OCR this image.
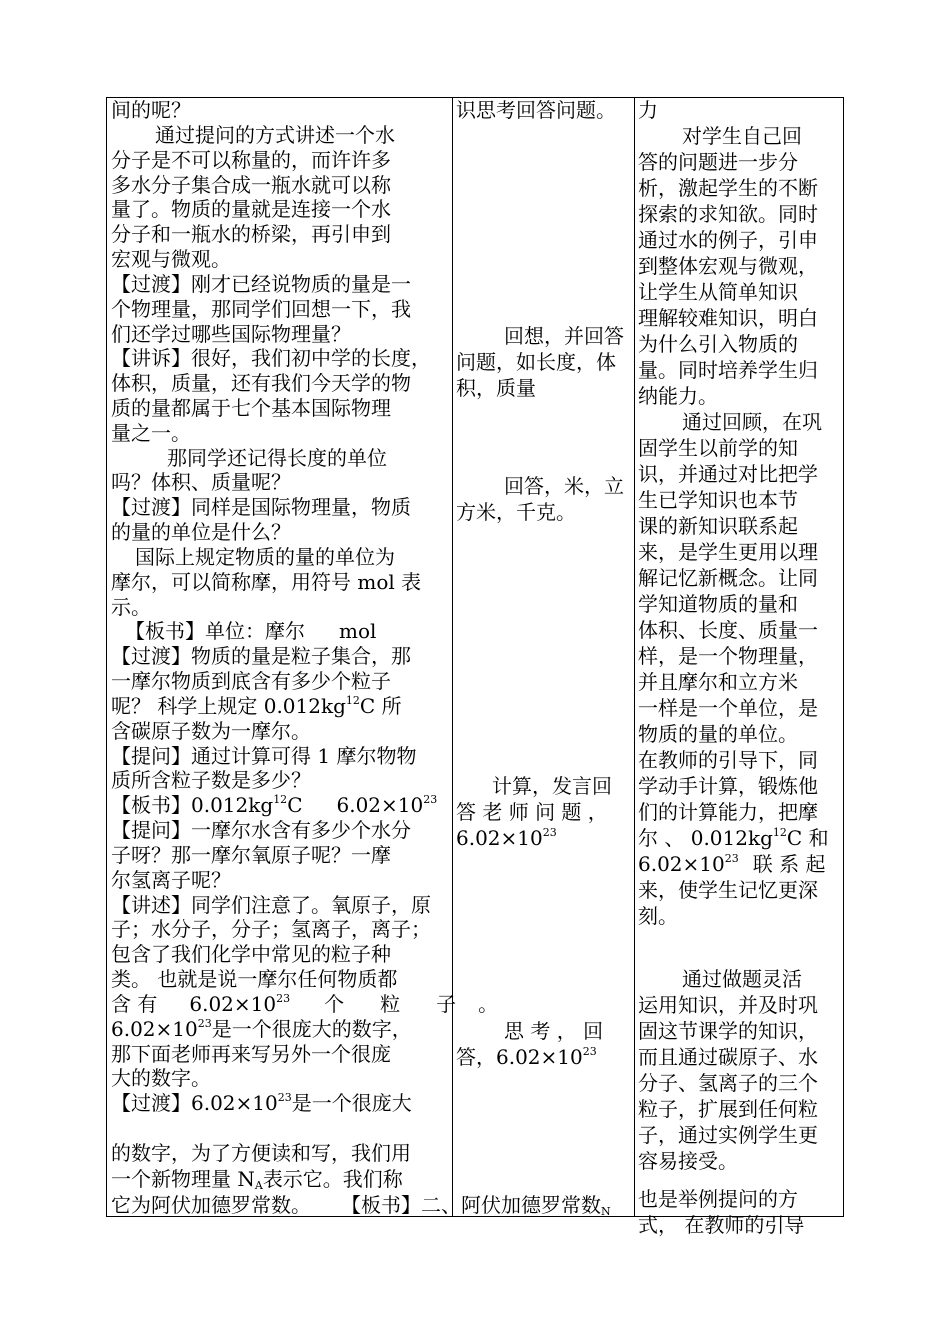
间的呢？
通过提问的方式讲述一个水
分子是不可以称量的，而许许多
多水分子集合成一瓶水就可以称
量了。物质的量就是连接一个水
分子和一瓶水的桥梁，再引申到
宏观与微观。
【过渡】刚才已经说物质的量是一
个物理量，那同学们回想一下，我
们还学过哪些国际物理量？
【讲诉】很好，我们初中学的长度，
体积，质量，还有我们今天学的物
质的量都属于七个基本国际物理
量之一。
那同学还记得长度的单位
吗？体积、质量呢？
【过渡】同样是国际物理量，物质
的量的单位是什么？
国际上规定物质的量的单位为
摩尔，可以简称摩，用符号 mol 表
示。
【板书】单位：摩尔 mol
【过渡】物质的量是粒子集合，那
一摩尔物质到底含有多少个粒子
呢？ 科学上规定 $0.012kg^{12}C$ 所
含碳原子数为一摩尔。
【提问】通过计算可得 1 摩尔物物
质所含粒子数是多少？
【板书】$0.012kg^{12}C$ $6.02\times 10^{23}$
【提问】一摩尔水含有多少个水分
子呀？那一摩尔氧原子呢？一摩
尔氢离子呢？
【讲述】同学们注意了。氧原子，原
子；水分子，分子；氢离子，离子；
包含了我们化学中常见的粒子种
类。 也就是说一摩尔任何物质都
含 有 $6.02\times 10^{23}$ 个 粒 子 。
$6.02\times 10^{23}$是一个很庞大的数字，
那下面老师再来写另外一个很庞
大的数字。
【过渡】$6.02\times 10^{23}$是一个很庞大
的数字，为了方便读和写，我们用
一个新物理量 $N_A$表示它。我们称
它为阿伏加德罗常数。 【板书】二、阿伏加德罗常数$_N$
识思考回答问题。
回想，并回答
问题，如长度，体
积，质量
回答，米，立
方米，千克。
计算，发言回
答 老 师 问 题 ，
$6.02\times 10^{23}$
思 考 ， 回
答，$6.02\times 10^{23}$
力
对学生自己回
答的问题进一步分
析，激起学生的不断
探索的求知欲。同时
通过水的例子，引申
到整体宏观与微观，
让学生从简单知识
理解较难知识，明白
为什么引入物质的
量。同时培养学生归
纳能力。
通过回顾，在巩
固学生以前学的知
识，并通过对比把学
生已学知识也本节
课的新知识联系起
来，是学生更用以理
解记忆新概念。让同
学知道物质的量和
体积、长度、质量一
样，是一个物理量，
并且摩尔和立方米
一样是一个单位，是
物质的量的单位。
在教师的引导下，同
学动手计算，锻炼他
们的计算能力，把摩
尔 、 $0.012kg^{12}C$ 和
$6.02\times 10^{23}$ 联 系 起
来，使学生记忆更深
刻。
通过做题灵活
运用知识，并及时巩
固这节课学的知识，
而且通过碳原子、水
分子、氢离子的三个
粒子，扩展到任何粒
子，通过实例学生更
容易接受。
也是举例提问的方
式， 在教师的引导
